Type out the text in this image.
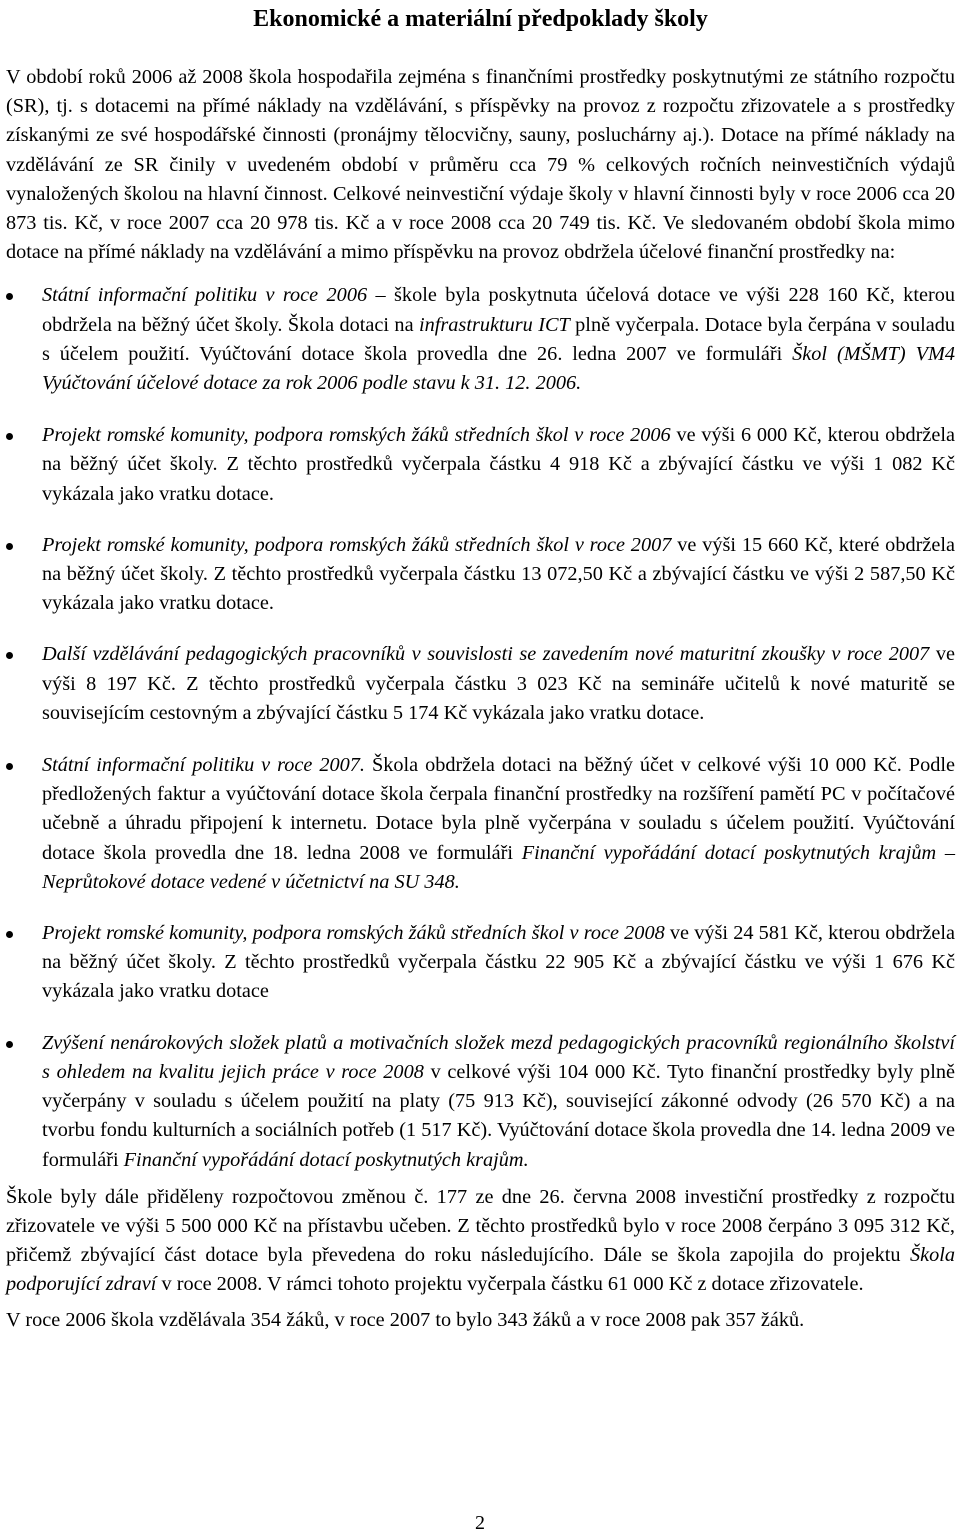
Ekonomické a materiální předpoklady školy

V období roků 2006 až 2008 škola hospodařila zejména s finančními prostředky poskytnutými ze státního rozpočtu (SR), tj. s dotacemi na přímé náklady na vzdělávání, s příspěvky na provoz z rozpočtu zřizovatele a s prostředky získanými ze své hospodářské činnosti (pronájmy tělocvičny, sauny, posluchárny aj.). Dotace na přímé náklady na vzdělávání ze SR činily v uvedeném období v průměru cca 79 % celkových ročních neinvestičních výdajů vynaložených školou na hlavní činnost. Celkové neinvestiční výdaje školy v hlavní činnosti byly v roce 2006 cca 20 873 tis. Kč, v roce 2007 cca 20 978 tis. Kč a v roce 2008 cca 20 749 tis. Kč. Ve sledovaném období škola mimo dotace na přímé náklady na vzdělávání a mimo příspěvku na provoz obdržela účelové finanční prostředky na:

Státní informační politiku v roce 2006 – škole byla poskytnuta účelová dotace ve výši 228 160 Kč, kterou obdržela na běžný účet školy. Škola dotaci na infrastrukturu ICT plně vyčerpala. Dotace byla čerpána v souladu s účelem použití. Vyúčtování dotace škola provedla dne 26. ledna 2007 ve formuláři Škol (MŠMT) VM4 Vyúčtování účelové dotace za rok 2006 podle stavu k 31. 12. 2006.
Projekt romské komunity, podpora romských žáků středních škol v roce 2006 ve výši 6 000 Kč, kterou obdržela na běžný účet školy. Z těchto prostředků vyčerpala částku 4 918 Kč a zbývající částku ve výši 1 082 Kč vykázala jako vratku dotace.
Projekt romské komunity, podpora romských žáků středních škol v roce 2007 ve výši 15 660 Kč, které obdržela na běžný účet školy. Z těchto prostředků vyčerpala částku 13 072,50 Kč a zbývající částku ve výši 2 587,50 Kč vykázala jako vratku dotace.
Další vzdělávání pedagogických pracovníků v souvislosti se zavedením nové maturitní zkoušky v roce 2007 ve výši 8 197 Kč. Z těchto prostředků vyčerpala částku 3 023 Kč na semináře učitelů k nové maturitě se souvisejícím cestovným a zbývající částku 5 174 Kč vykázala jako vratku dotace.
Státní informační politiku v roce 2007. Škola obdržela dotaci na běžný účet v celkové výši 10 000 Kč. Podle předložených faktur a vyúčtování dotace škola čerpala finanční prostředky na rozšíření pamětí PC v počítačové učebně a úhradu připojení k internetu. Dotace byla plně vyčerpána v souladu s účelem použití. Vyúčtování dotace škola provedla dne 18. ledna 2008 ve formuláři Finanční vypořádání dotací poskytnutých krajům – Neprůtokové dotace vedené v účetnictví na SU 348.
Projekt romské komunity, podpora romských žáků středních škol v roce 2008 ve výši 24 581 Kč, kterou obdržela na běžný účet školy. Z těchto prostředků vyčerpala částku 22 905 Kč a zbývající částku ve výši 1 676 Kč vykázala jako vratku dotace
Zvýšení nenárokových složek platů a motivačních složek mezd pedagogických pracovníků regionálního školství s ohledem na kvalitu jejich práce v roce 2008 v celkové výši 104 000 Kč. Tyto finanční prostředky byly plně vyčerpány v souladu s účelem použití na platy (75 913 Kč), související zákonné odvody (26 570 Kč) a na tvorbu fondu kulturních a sociálních potřeb (1 517 Kč). Vyúčtování dotace škola provedla dne 14. ledna 2009 ve formuláři Finanční vypořádání dotací poskytnutých krajům.

Škole byly dále přiděleny rozpočtovou změnou č. 177 ze dne 26. června 2008 investiční prostředky z rozpočtu zřizovatele ve výši 5 500 000 Kč na přístavbu učeben. Z těchto prostředků bylo v roce 2008 čerpáno 3 095 312 Kč, přičemž zbývající část dotace byla převedena do roku následujícího. Dále se škola zapojila do projektu Škola podporující zdraví v roce 2008. V rámci tohoto projektu vyčerpala částku 61 000 Kč z dotace zřizovatele.

V roce 2006 škola vzdělávala 354 žáků, v roce 2007 to bylo 343 žáků a v roce 2008 pak 357 žáků.

2
